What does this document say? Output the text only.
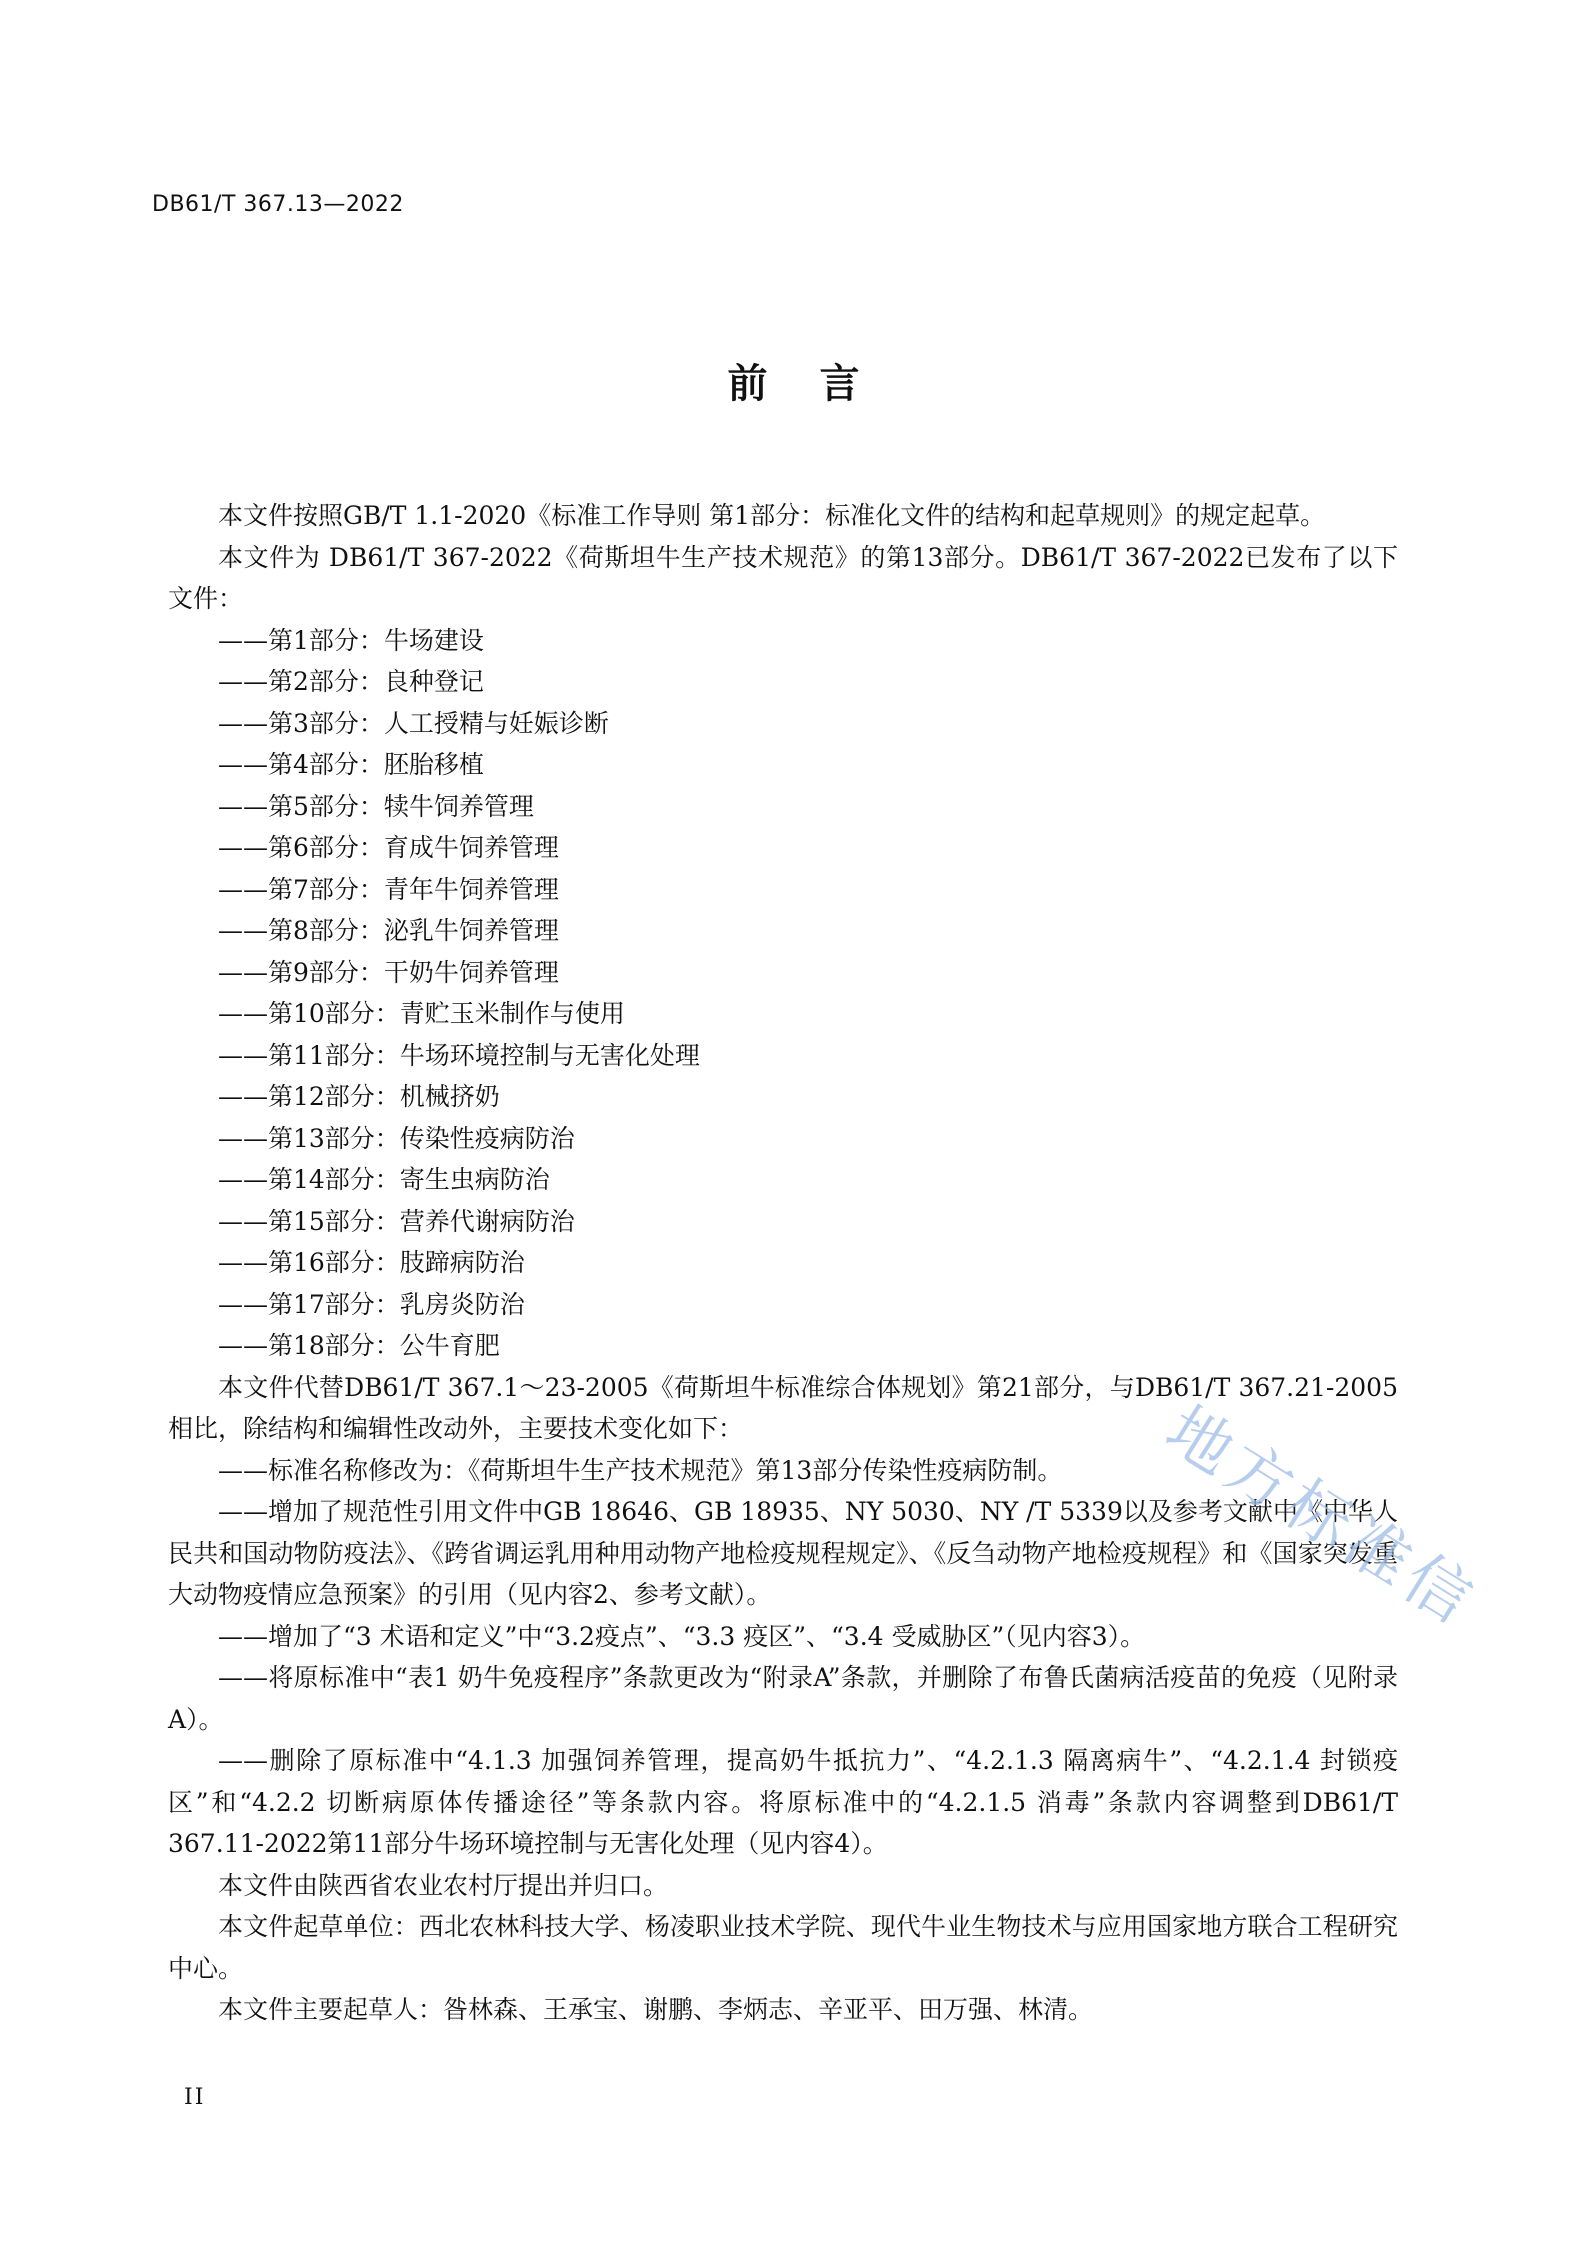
DB61/T 367.13—2022
前言

本文件按照GB/T 1.1-2020《标准工作导则 第1部分：标准化文件的结构和起草规则》的规定起草。

本文件为 DB61/T 367-2022《荷斯坦牛生产技术规范》的第13部分。DB61/T 367-2022已发布了以下文件：

——第1部分：牛场建设
——第2部分：良种登记
——第3部分：人工授精与妊娠诊断
——第4部分：胚胎移植
——第5部分：犊牛饲养管理
——第6部分：育成牛饲养管理
——第7部分：青年牛饲养管理
——第8部分：泌乳牛饲养管理
——第9部分：干奶牛饲养管理
——第10部分：青贮玉米制作与使用
——第11部分：牛场环境控制与无害化处理
——第12部分：机械挤奶
——第13部分：传染性疫病防治
——第14部分：寄生虫病防治
——第15部分：营养代谢病防治
——第16部分：肢蹄病防治
——第17部分：乳房炎防治
——第18部分：公牛育肥

本文件代替DB61/T 367.1～23-2005《荷斯坦牛标准综合体规划》第21部分，与DB61/T 367.21-2005相比，除结构和编辑性改动外，主要技术变化如下：

——标准名称修改为：《荷斯坦牛生产技术规范》第13部分传染性疫病防制。

——增加了规范性引用文件中GB 18646、GB 18935、NY 5030、NY /T 5339以及参考文献中《中华人民共和国动物防疫法》、《跨省调运乳用种用动物产地检疫规程规定》、《反刍动物产地检疫规程》和《国家突发重大动物疫情应急预案》的引用（见内容2、参考文献）。

——增加了“3 术语和定义”中“3.2疫点”、“3.3 疫区”、“3.4 受威胁区”（见内容3）。

——将原标准中“表1 奶牛免疫程序”条款更改为“附录A”条款，并删除了布鲁氏菌病活疫苗的免疫（见附录A）。

——删除了原标准中“4.1.3 加强饲养管理，提高奶牛抵抗力”、“4.2.1.3 隔离病牛”、“4.2.1.4 封锁疫区”和“4.2.2 切断病原体传播途径”等条款内容。将原标准中的“4.2.1.5 消毒”条款内容调整到DB61/T 367.11-2022第11部分牛场环境控制与无害化处理（见内容4）。

本文件由陕西省农业农村厅提出并归口。

本文件起草单位：西北农林科技大学、杨凌职业技术学院、现代牛业生物技术与应用国家地方联合工程研究中心。

本文件主要起草人：昝林森、王承宝、谢鹏、李炳志、辛亚平、田万强、林清。

II
地方标准信
